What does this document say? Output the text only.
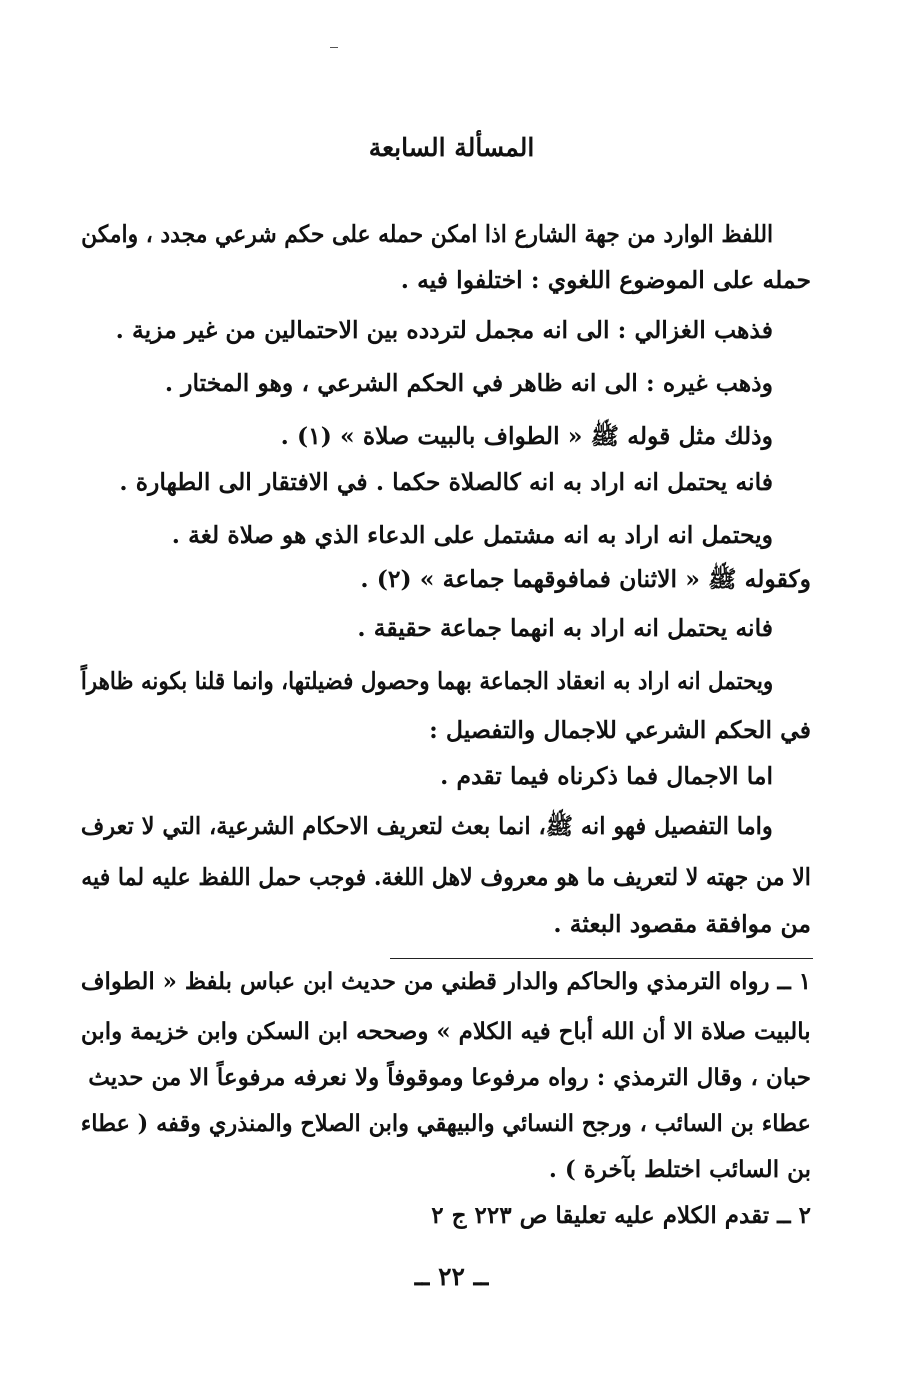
المسألة السابعة
اللفظ الوارد من جهة الشارع اذا امكن حمله على حكم شرعي مجدد ، وامكن
حمله على الموضوع اللغوي : اختلفوا فيه .
فذهب الغزالي : الى انه مجمل لتردده بين الاحتمالين من غير مزية .
وذهب غيره : الى انه ظاهر في الحكم الشرعي ، وهو المختار .
وذلك مثل قوله ﷺ « الطواف بالبيت صلاة » (١) .
فانه يحتمل انه اراد به انه كالصلاة حكما . في الافتقار الى الطهارة .
ويحتمل انه اراد به انه مشتمل على الدعاء الذي هو صلاة لغة .
وكقوله ﷺ « الاثنان فمافوقهما جماعة » (٢) .
فانه يحتمل انه اراد به انهما جماعة حقيقة .
ويحتمل انه اراد به انعقاد الجماعة بهما وحصول فضيلتها، وانما قلنا بكونه ظاهراً
في الحكم الشرعي للاجمال والتفصيل :
اما الاجمال فما ذكرناه فيما تقدم .
واما التفصيل فهو انه ﷺ، انما بعث لتعريف الاحكام الشرعية، التي لا تعرف
الا من جهته لا لتعريف ما هو معروف لاهل اللغة. فوجب حمل اللفظ عليه لما فيه
من موافقة مقصود البعثة .
١ ــ رواه الترمذي والحاكم والدار قطني من حديث ابن عباس بلفظ « الطواف
بالبيت صلاة الا أن الله أباح فيه الكلام » وصححه ابن السكن وابن خزيمة وابن
حبان ، وقال الترمذي : رواه مرفوعا وموقوفاً ولا نعرفه مرفوعاً الا من حديث
عطاء بن السائب ، ورجح النسائي والبيهقي وابن الصلاح والمنذري وقفه ( عطاء
بن السائب اختلط بآخرة ) .
٢ ــ تقدم الكلام عليه تعليقا ص ٢٢٣ ج ٢
ــ ٢٢ ــ
